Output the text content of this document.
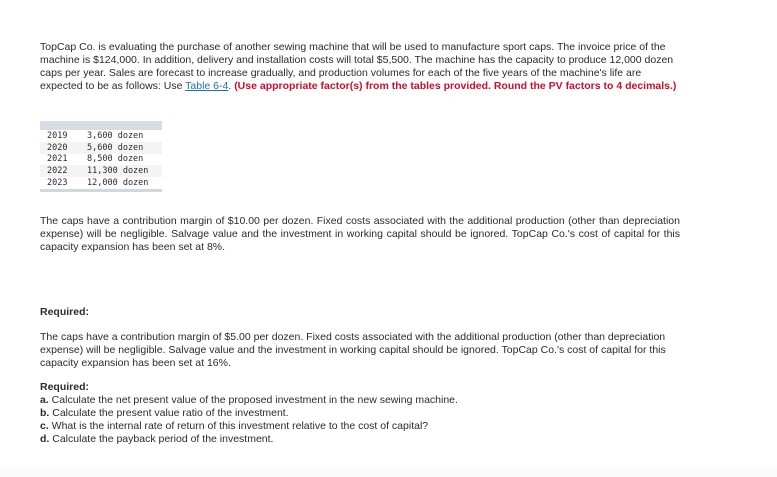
TopCap Co. is evaluating the purchase of another sewing machine that will be used to manufacture sport caps. The invoice price of the machine is $124,000. In addition, delivery and installation costs will total $5,500. The machine has the capacity to produce 12,000 dozen caps per year. Sales are forecast to increase gradually, and production volumes for each of the five years of the machine's life are expected to be as follows: Use Table 6-4. (Use appropriate factor(s) from the tables provided. Round the PV factors to 4 decimals.)

2019	3,600 dozen
2020	5,600 dozen
2021	8,500 dozen
2022	11,300 dozen
2023	12,000 dozen

The caps have a contribution margin of $10.00 per dozen. Fixed costs associated with the additional production (other than depreciation expense) will be negligible. Salvage value and the investment in working capital should be ignored. TopCap Co.'s cost of capital for this capacity expansion has been set at 8%.

Required:

The caps have a contribution margin of $5.00 per dozen. Fixed costs associated with the additional production (other than depreciation expense) will be negligible. Salvage value and the investment in working capital should be ignored. TopCap Co.'s cost of capital for this capacity expansion has been set at 16%.

Required:

a. Calculate the net present value of the proposed investment in the new sewing machine.
b. Calculate the present value ratio of the investment.
c. What is the internal rate of return of this investment relative to the cost of capital?
d. Calculate the payback period of the investment.
